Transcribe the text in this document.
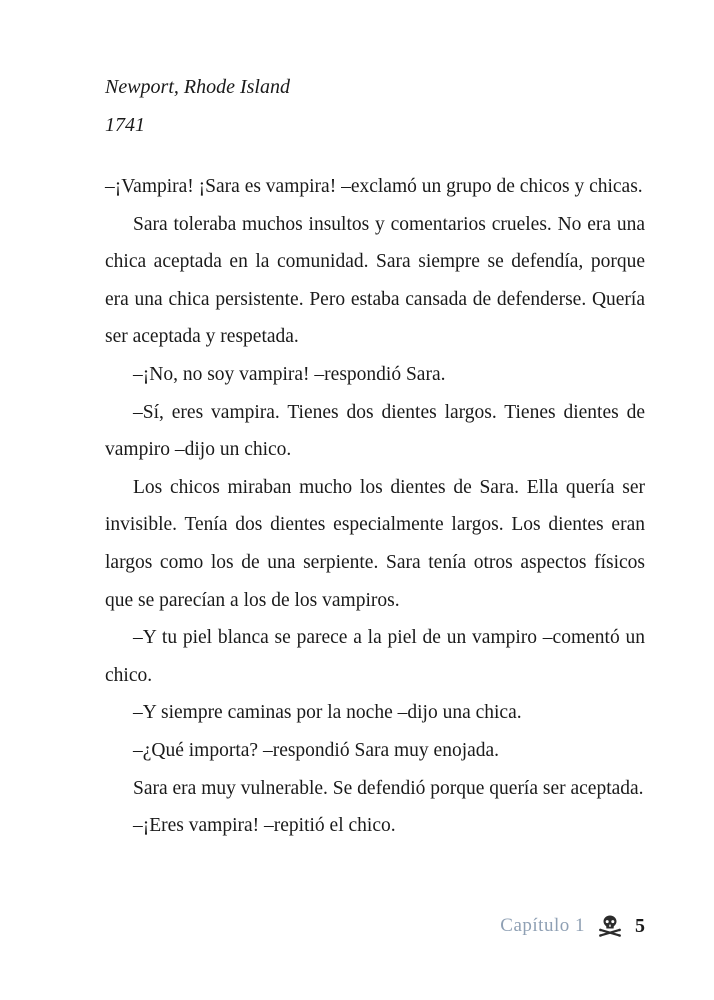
Newport, Rhode Island

1741

–¡Vampira! ¡Sara es vampira! –exclamó un grupo de chicos y chicas.

Sara toleraba muchos insultos y comentarios crueles. No era una chica aceptada en la comunidad. Sara siempre se defendía, porque era una chica persistente. Pero estaba cansada de defenderse. Quería ser aceptada y respetada.

–¡No, no soy vampira! –respondió Sara.

–Sí, eres vampira. Tienes dos dientes largos. Tienes dientes de vampiro –dijo un chico.

Los chicos miraban mucho los dientes de Sara. Ella quería ser invisible. Tenía dos dientes especialmente largos. Los dientes eran largos como los de una serpiente. Sara tenía otros aspectos físicos que se parecían a los de los vampiros.

–Y tu piel blanca se parece a la piel de un vampiro –comentó un chico.

–Y siempre caminas por la noche –dijo una chica.

–¿Qué importa? –respondió Sara muy enojada.

Sara era muy vulnerable. Se defendió porque quería ser aceptada.

–¡Eres vampira! –repitió el chico.

Capítulo 1	5
